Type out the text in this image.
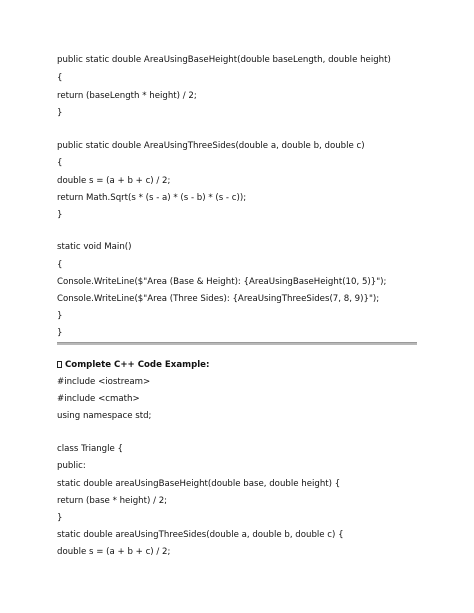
public static double AreaUsingBaseHeight(double baseLength, double height)
{
return (baseLength * height) / 2;
}
public static double AreaUsingThreeSides(double a, double b, double c)
{
double s = (a + b + c) / 2;
return Math.Sqrt(s * (s - a) * (s - b) * (s - c));
}
static void Main()
{
Console.WriteLine($"Area (Base & Height): {AreaUsingBaseHeight(10, 5)}");
Console.WriteLine($"Area (Three Sides): {AreaUsingThreeSides(7, 8, 9)}");
}
}
Complete C++ Code Example:
#include <iostream>
#include <cmath>
using namespace std;
class Triangle {
public:
static double areaUsingBaseHeight(double base, double height) {
return (base * height) / 2;
}
static double areaUsingThreeSides(double a, double b, double c) {
double s = (a + b + c) / 2;
